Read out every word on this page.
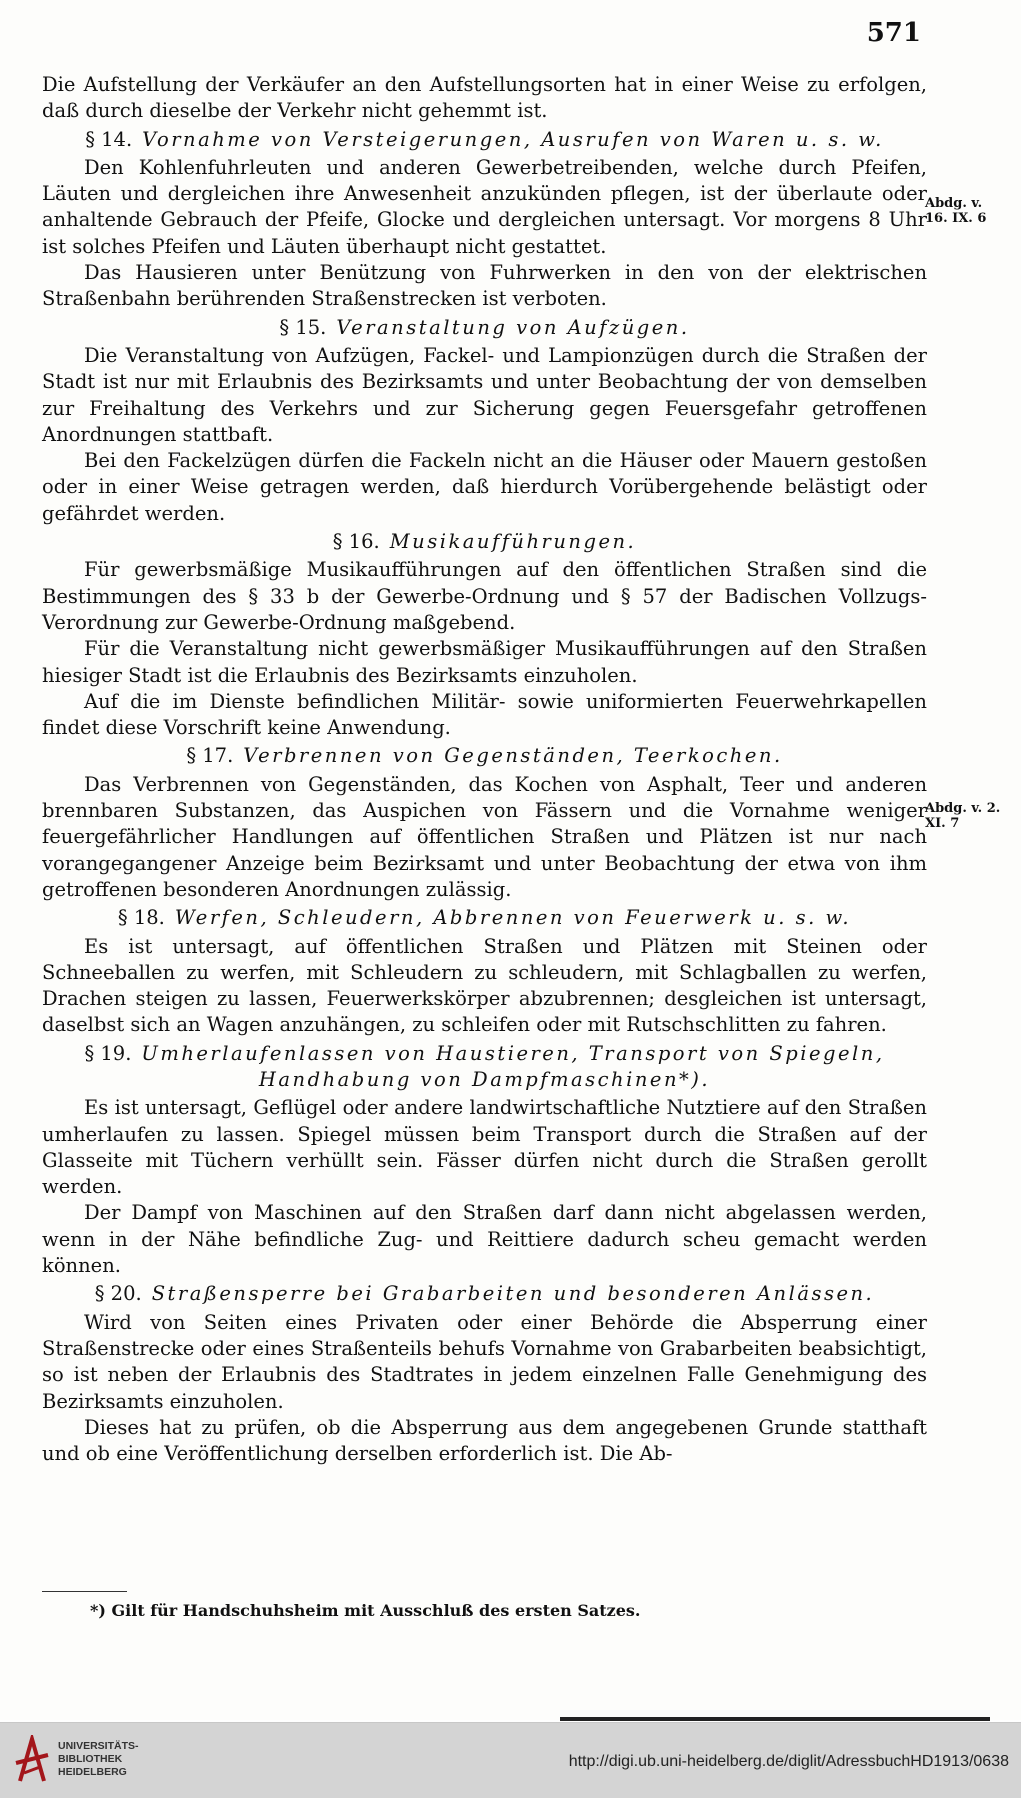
571

Die Aufstellung der Verkäufer an den Aufstellungsorten hat in einer Weise zu erfolgen, daß durch dieselbe der Verkehr nicht gehemmt ist.

§ 14. Vornahme von Versteigerungen, Ausrufen von Waren u. s. w.

Den Kohlenfuhrleuten und anderen Gewerbetreibenden, welche durch Pfeifen, Läuten und dergleichen ihre Anwesenheit anzukünden pflegen, ist der überlaute oder anhaltende Gebrauch der Pfeife, Glocke und dergleichen untersagt. Vor morgens 8 Uhr ist solches Pfeifen und Läuten überhaupt nicht gestattet.

Das Hausieren unter Benützung von Fuhrwerken in den von der elektrischen Straßenbahn berührenden Straßenstrecken ist verboten.

§ 15. Veranstaltung von Aufzügen.

Die Veranstaltung von Aufzügen, Fackel- und Lampionzügen durch die Straßen der Stadt ist nur mit Erlaubnis des Bezirksamts und unter Beobachtung der von demselben zur Freihaltung des Verkehrs und zur Sicherung gegen Feuersgefahr getroffenen Anordnungen stattbaft.

Bei den Fackelzügen dürfen die Fackeln nicht an die Häuser oder Mauern gestoßen oder in einer Weise getragen werden, daß hierdurch Vorübergehende belästigt oder gefährdet werden.

§ 16. Musikaufführungen.

Für gewerbsmäßige Musikaufführungen auf den öffentlichen Straßen sind die Bestimmungen des § 33 b der Gewerbe-Ordnung und § 57 der Badischen Vollzugs-Verordnung zur Gewerbe-Ordnung maßgebend.

Für die Veranstaltung nicht gewerbsmäßiger Musikaufführungen auf den Straßen hiesiger Stadt ist die Erlaubnis des Bezirksamts einzuholen.

Auf die im Dienste befindlichen Militär- sowie uniformierten Feuerwehrkapellen findet diese Vorschrift keine Anwendung.

§ 17. Verbrennen von Gegenständen, Teerkochen.

Das Verbrennen von Gegenständen, das Kochen von Asphalt, Teer und anderen brennbaren Substanzen, das Auspichen von Fässern und die Vornahme weniger feuergefährlicher Handlungen auf öffentlichen Straßen und Plätzen ist nur nach vorangegangener Anzeige beim Bezirksamt und unter Beobachtung der etwa von ihm getroffenen besonderen Anordnungen zulässig.

§ 18. Werfen, Schleudern, Abbrennen von Feuerwerk u. s. w.

Es ist untersagt, auf öffentlichen Straßen und Plätzen mit Steinen oder Schneeballen zu werfen, mit Schleudern zu schleudern, mit Schlagballen zu werfen, Drachen steigen zu lassen, Feuerwerkskörper abzubrennen; desgleichen ist untersagt, daselbst sich an Wagen anzuhängen, zu schleifen oder mit Rutschschlitten zu fahren.

§ 19. Umherlaufenlassen von Haustieren, Transport von Spiegeln, Handhabung von Dampfmaschinen*).

Es ist untersagt, Geflügel oder andere landwirtschaftliche Nutztiere auf den Straßen umherlaufen zu lassen. Spiegel müssen beim Transport durch die Straßen auf der Glasseite mit Tüchern verhüllt sein. Fässer dürfen nicht durch die Straßen gerollt werden.

Der Dampf von Maschinen auf den Straßen darf dann nicht abgelassen werden, wenn in der Nähe befindliche Zug- und Reittiere dadurch scheu gemacht werden können.

§ 20. Straßensperre bei Grabarbeiten und besonderen Anlässen.

Wird von Seiten eines Privaten oder einer Behörde die Absperrung einer Straßenstrecke oder eines Straßenteils behufs Vornahme von Grabarbeiten beabsichtigt, so ist neben der Erlaubnis des Stadtrates in jedem einzelnen Falle Genehmigung des Bezirksamts einzuholen.

Dieses hat zu prüfen, ob die Absperrung aus dem angegebenen Grunde statthaft und ob eine Veröffentlichung derselben erforderlich ist. Die Ab-

Abdg. v. 16. IX. 6
Abdg. v. 2. XI. 7
*) Gilt für Handschuhsheim mit Ausschluß des ersten Satzes.
UNIVERSITÄTS-
BIBLIOTHEK
HEIDELBERG
http://digi.ub.uni-heidelberg.de/diglit/AdressbuchHD1913/0638
